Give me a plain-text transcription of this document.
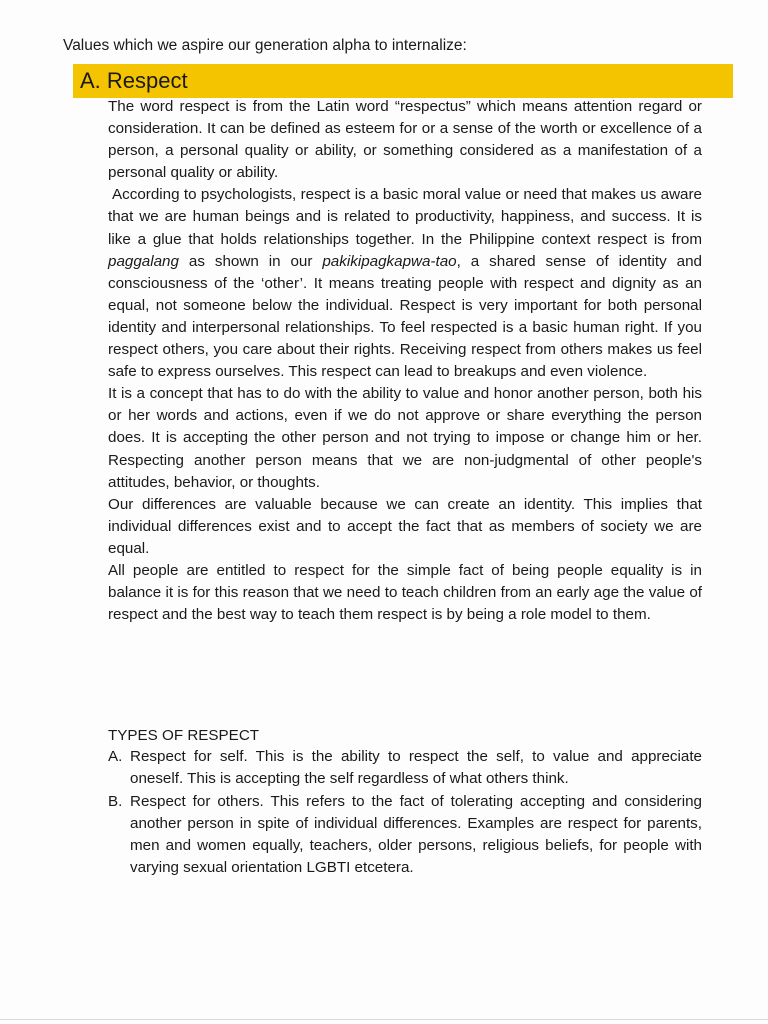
Values which we aspire our generation alpha to internalize:
A. Respect

The word respect is from the Latin word “respectus” which means attention regard or consideration. It can be defined as esteem for or a sense of the worth or excellence of a person, a personal quality or ability, or something considered as a manifestation of a personal quality or ability.

According to psychologists, respect is a basic moral value or need that makes us aware that we are human beings and is related to productivity, happiness, and success. It is like a glue that holds relationships together. In the Philippine context respect is from paggalang as shown in our pakikipagkapwa-tao, a shared sense of identity and consciousness of the ‘other’. It means treating people with respect and dignity as an equal, not someone below the individual. Respect is very important for both personal identity and interpersonal relationships. To feel respected is a basic human right. If you respect others, you care about their rights. Receiving respect from others makes us feel safe to express ourselves. This respect can lead to breakups and even violence.

It is a concept that has to do with the ability to value and honor another person, both his or her words and actions, even if we do not approve or share everything the person does. It is accepting the other person and not trying to impose or change him or her. Respecting another person means that we are non-judgmental of other people's attitudes, behavior, or thoughts.

Our differences are valuable because we can create an identity. This implies that individual differences exist and to accept the fact that as members of society we are equal.

All people are entitled to respect for the simple fact of being people equality is in balance it is for this reason that we need to teach children from an early age the value of respect and the best way to teach them respect is by being a role model to them.

TYPES OF RESPECT
A. Respect for self. This is the ability to respect the self, to value and appreciate oneself. This is accepting the self regardless of what others think.
B. Respect for others. This refers to the fact of tolerating accepting and considering another person in spite of individual differences. Examples are respect for parents, men and women equally, teachers, older persons, religious beliefs, for people with varying sexual orientation LGBTI etcetera.
